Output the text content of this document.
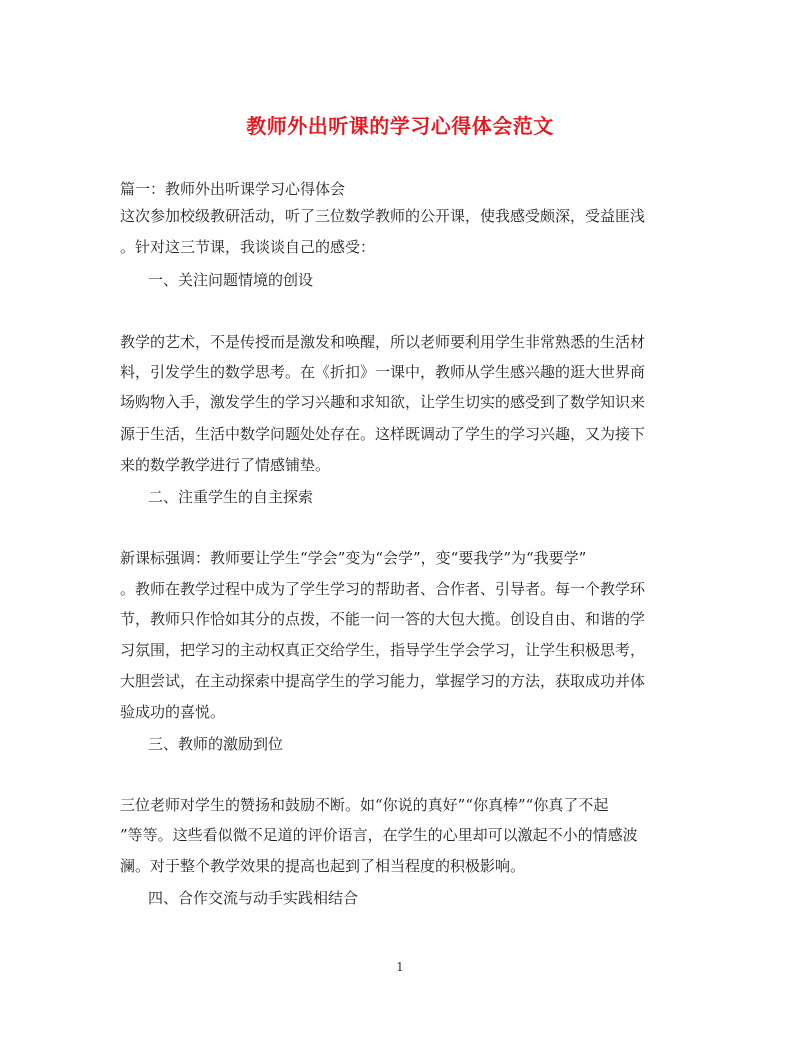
教师外出听课的学习心得体会范文
篇一：教师外出听课学习心得体会
这次参加校级教研活动，听了三位数学教师的公开课，使我感受颇深，受益匪浅
。针对这三节课，我谈谈自己的感受：
一、关注问题情境的创设
教学的艺术，不是传授而是激发和唤醒，所以老师要利用学生非常熟悉的生活材
料，引发学生的数学思考。在《折扣》一课中，教师从学生感兴趣的逛大世界商
场购物入手，激发学生的学习兴趣和求知欲，让学生切实的感受到了数学知识来
源于生活，生活中数学问题处处存在。这样既调动了学生的学习兴趣，又为接下
来的数学教学进行了情感铺垫。
二、注重学生的自主探索
新课标强调：教师要让学生“学会”变为“会学”，变“要我学”为“我要学”
。教师在教学过程中成为了学生学习的帮助者、合作者、引导者。每一个教学环
节，教师只作恰如其分的点拨，不能一问一答的大包大揽。创设自由、和谐的学
习氛围，把学习的主动权真正交给学生，指导学生学会学习，让学生积极思考，
大胆尝试，在主动探索中提高学生的学习能力，掌握学习的方法，获取成功并体
验成功的喜悦。
三、教师的激励到位
三位老师对学生的赞扬和鼓励不断。如“你说的真好”“你真棒”“你真了不起
”等等。这些看似微不足道的评价语言，在学生的心里却可以激起不小的情感波
澜。对于整个教学效果的提高也起到了相当程度的积极影响。
四、合作交流与动手实践相结合
1
